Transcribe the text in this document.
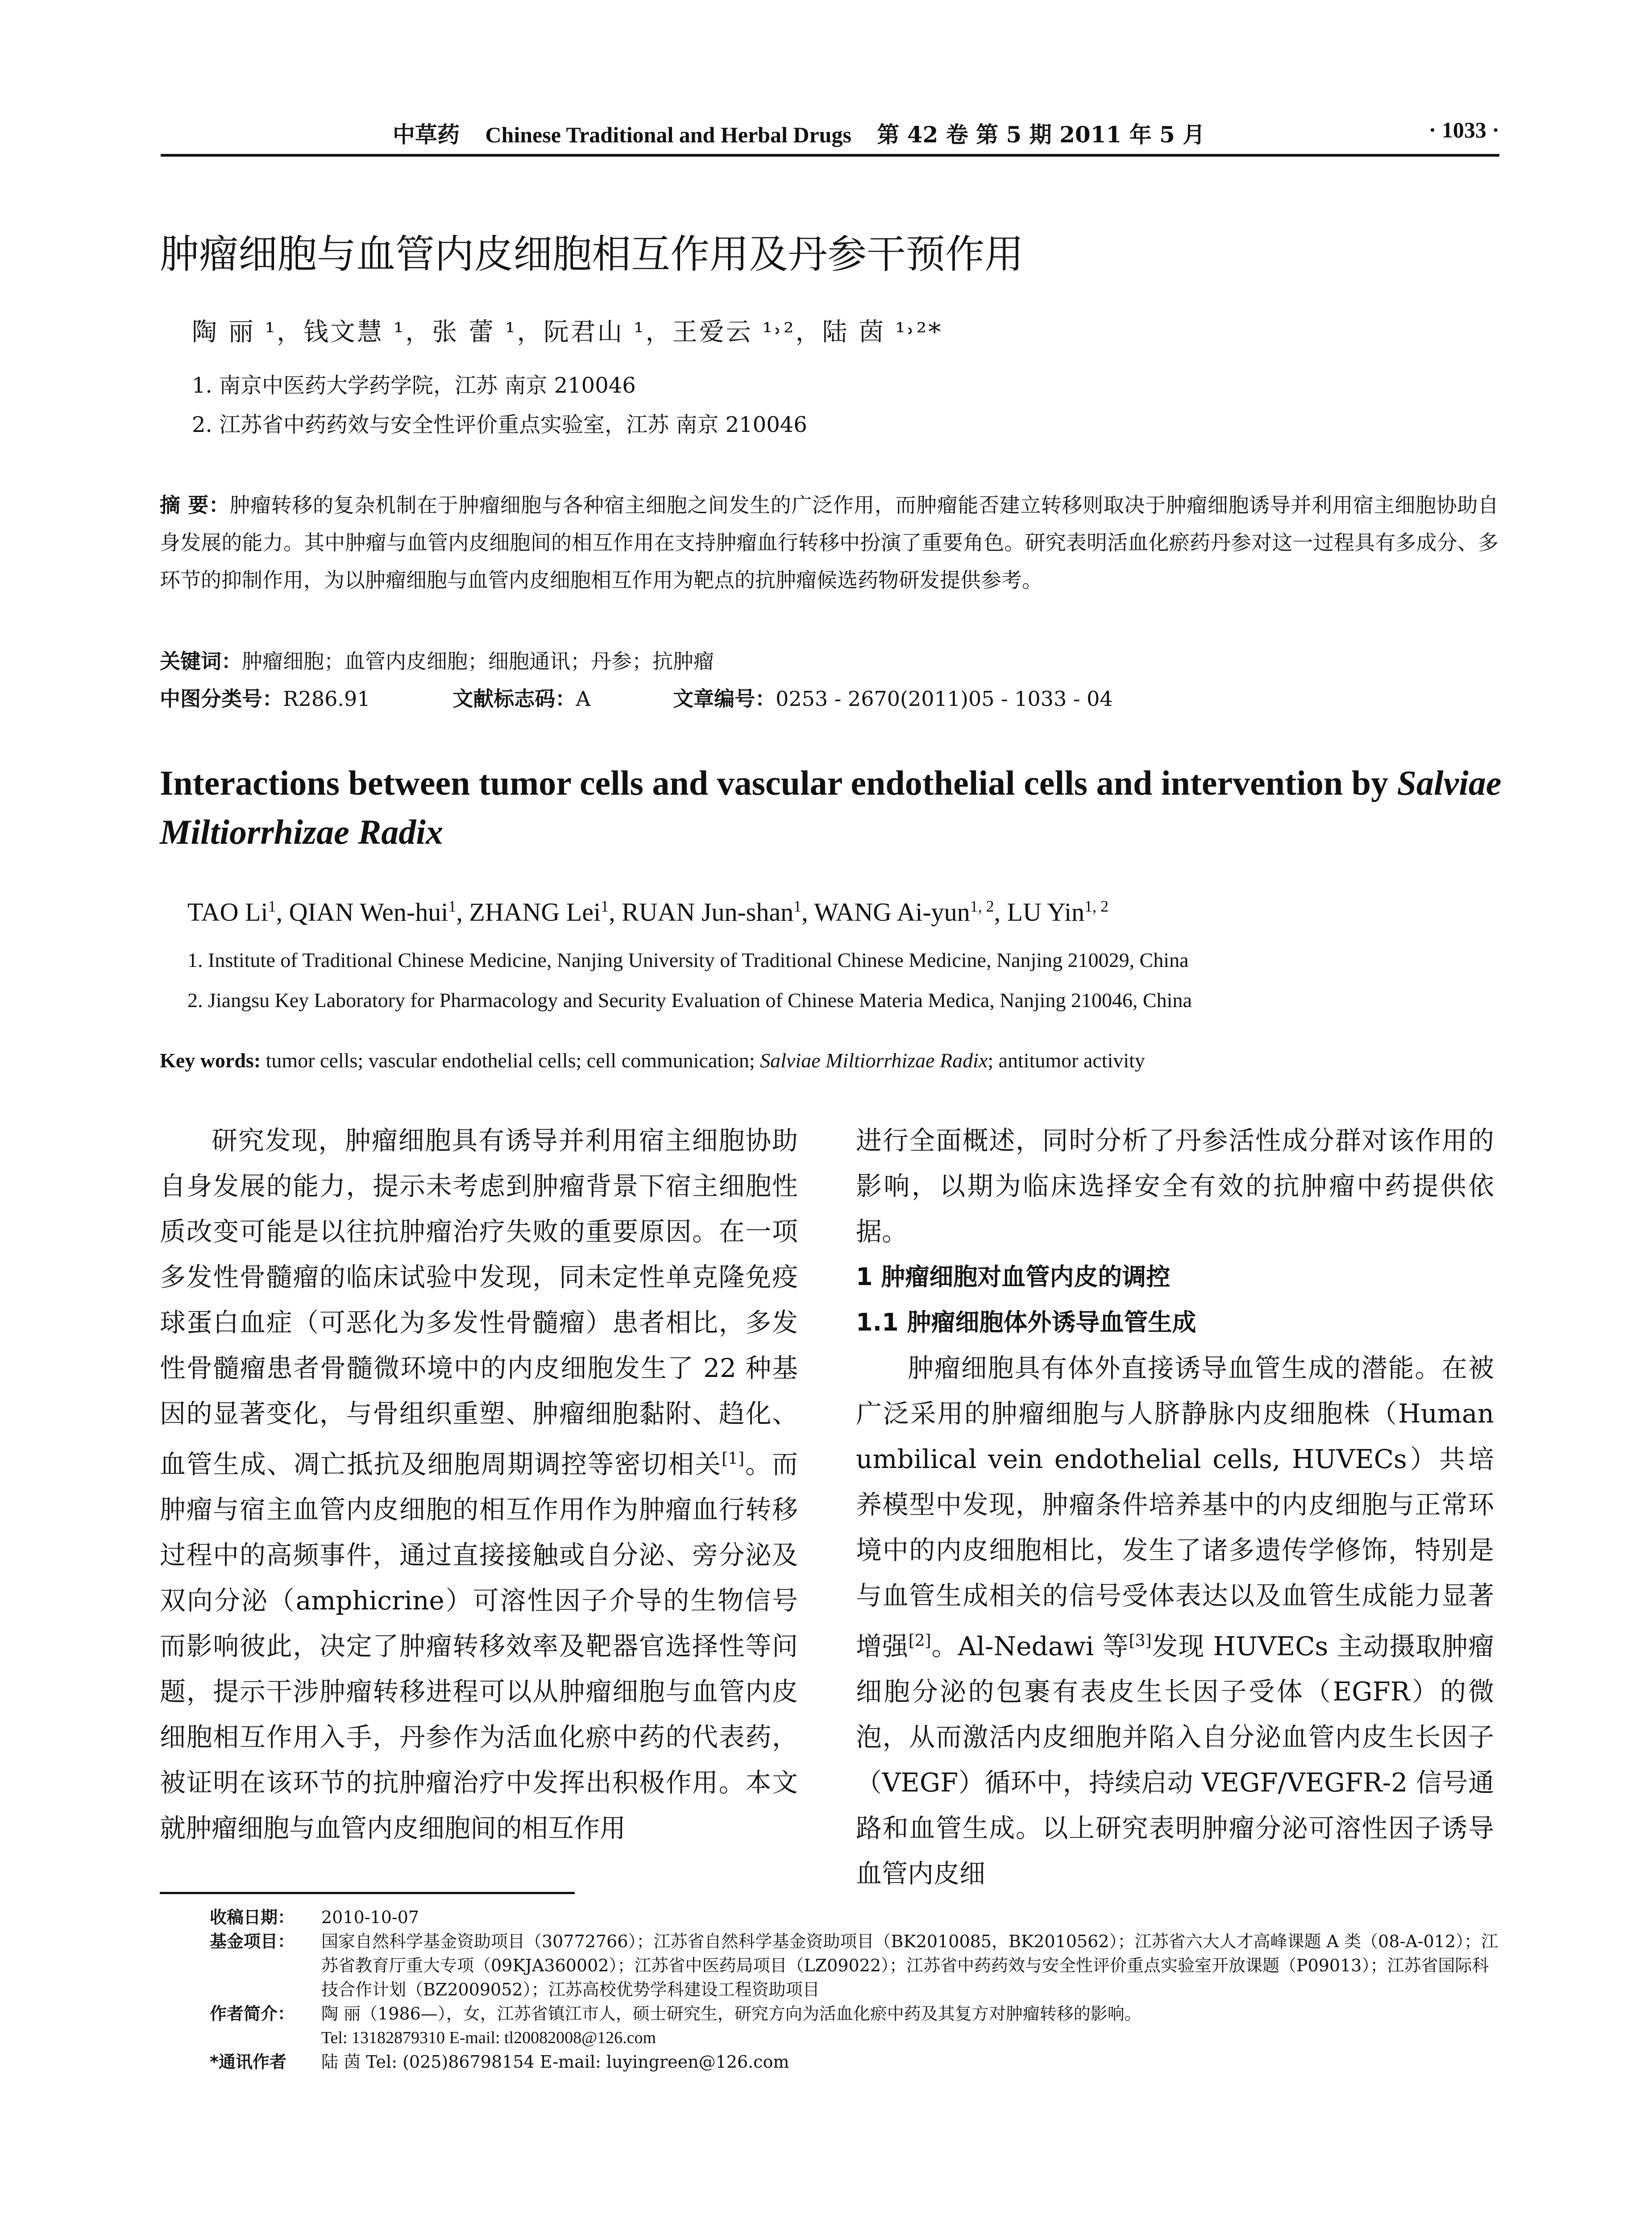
中草药 Chinese Traditional and Herbal Drugs 第 42 卷 第 5 期 2011 年 5 月	· 1033 ·
肿瘤细胞与血管内皮细胞相互作用及丹参干预作用
陶 丽 ¹，钱文慧 ¹，张 蕾 ¹，阮君山 ¹，王爱云 ¹˒²，陆 茵 ¹˒²*
1. 南京中医药大学药学院，江苏 南京 210046
2. 江苏省中药药效与安全性评价重点实验室，江苏 南京 210046
摘 要：肿瘤转移的复杂机制在于肿瘤细胞与各种宿主细胞之间发生的广泛作用，而肿瘤能否建立转移则取决于肿瘤细胞诱导并利用宿主细胞协助自身发展的能力。其中肿瘤与血管内皮细胞间的相互作用在支持肿瘤血行转移中扮演了重要角色。研究表明活血化瘀药丹参对这一过程具有多成分、多环节的抑制作用，为以肿瘤细胞与血管内皮细胞相互作用为靶点的抗肿瘤候选药物研发提供参考。
关键词：肿瘤细胞；血管内皮细胞；细胞通讯；丹参；抗肿瘤
中图分类号：R286.91	文献标志码：A	文章编号：0253 - 2670(2011)05 - 1033 - 04
Interactions between tumor cells and vascular endothelial cells and intervention by Salviae Miltiorrhizae Radix
TAO Li$^1$, QIAN Wen-hui$^1$, ZHANG Lei$^1$, RUAN Jun-shan$^1$, WANG Ai-yun$^{1, 2}$, LU Yin$^{1, 2}$
1. Institute of Traditional Chinese Medicine, Nanjing University of Traditional Chinese Medicine, Nanjing 210029, China
2. Jiangsu Key Laboratory for Pharmacology and Security Evaluation of Chinese Materia Medica, Nanjing 210046, China
Key words: tumor cells; vascular endothelial cells; cell communication; Salviae Miltiorrhizae Radix; antitumor activity

研究发现，肿瘤细胞具有诱导并利用宿主细胞协助自身发展的能力，提示未考虑到肿瘤背景下宿主细胞性质改变可能是以往抗肿瘤治疗失败的重要原因。在一项多发性骨髓瘤的临床试验中发现，同未定性单克隆免疫球蛋白血症（可恶化为多发性骨髓瘤）患者相比，多发性骨髓瘤患者骨髓微环境中的内皮细胞发生了 22 种基因的显著变化，与骨组织重塑、肿瘤细胞黏附、趋化、血管生成、凋亡抵抗及细胞周期调控等密切相关[1]。而肿瘤与宿主血管内皮细胞的相互作用作为肿瘤血行转移过程中的高频事件，通过直接接触或自分泌、旁分泌及双向分泌（amphicrine）可溶性因子介导的生物信号而影响彼此，决定了肿瘤转移效率及靶器官选择性等问题，提示干涉肿瘤转移进程可以从肿瘤细胞与血管内皮细胞相互作用入手，丹参作为活血化瘀中药的代表药，被证明在该环节的抗肿瘤治疗中发挥出积极作用。本文就肿瘤细胞与血管内皮细胞间的相互作用

进行全面概述，同时分析了丹参活性成分群对该作用的影响，以期为临床选择安全有效的抗肿瘤中药提供依据。

1 肿瘤细胞对血管内皮的调控

1.1 肿瘤细胞体外诱导血管生成

肿瘤细胞具有体外直接诱导血管生成的潜能。在被广泛采用的肿瘤细胞与人脐静脉内皮细胞株（Human umbilical vein endothelial cells, HUVECs）共培养模型中发现，肿瘤条件培养基中的内皮细胞与正常环境中的内皮细胞相比，发生了诸多遗传学修饰，特别是与血管生成相关的信号受体表达以及血管生成能力显著增强[2]。Al-Nedawi 等[3]发现 HUVECs 主动摄取肿瘤细胞分泌的包裹有表皮生长因子受体（EGFR）的微泡，从而激活内皮细胞并陷入自分泌血管内皮生长因子（VEGF）循环中，持续启动 VEGF/VEGFR-2 信号通路和血管生成。以上研究表明肿瘤分泌可溶性因子诱导血管内皮细

收稿日期：	2010-10-07
基金项目：	国家自然科学基金资助项目（30772766）；江苏省自然科学基金资助项目（BK2010085，BK2010562）；江苏省六大人才高峰课题 A 类（08-A-012）；江苏省教育厅重大专项（09KJA360002）；江苏省中医药局项目（LZ09022）；江苏省中药药效与安全性评价重点实验室开放课题（P09013）；江苏省国际科技合作计划（BZ2009052）；江苏高校优势学科建设工程资助项目
作者简介：	陶 丽（1986—），女，江苏省镇江市人，硕士研究生，研究方向为活血化瘀中药及其复方对肿瘤转移的影响。
Tel: 13182879310 E-mail: tl20082008@126.com
*通讯作者	陆 茵 Tel: (025)86798154 E-mail: luyingreen@126.com
